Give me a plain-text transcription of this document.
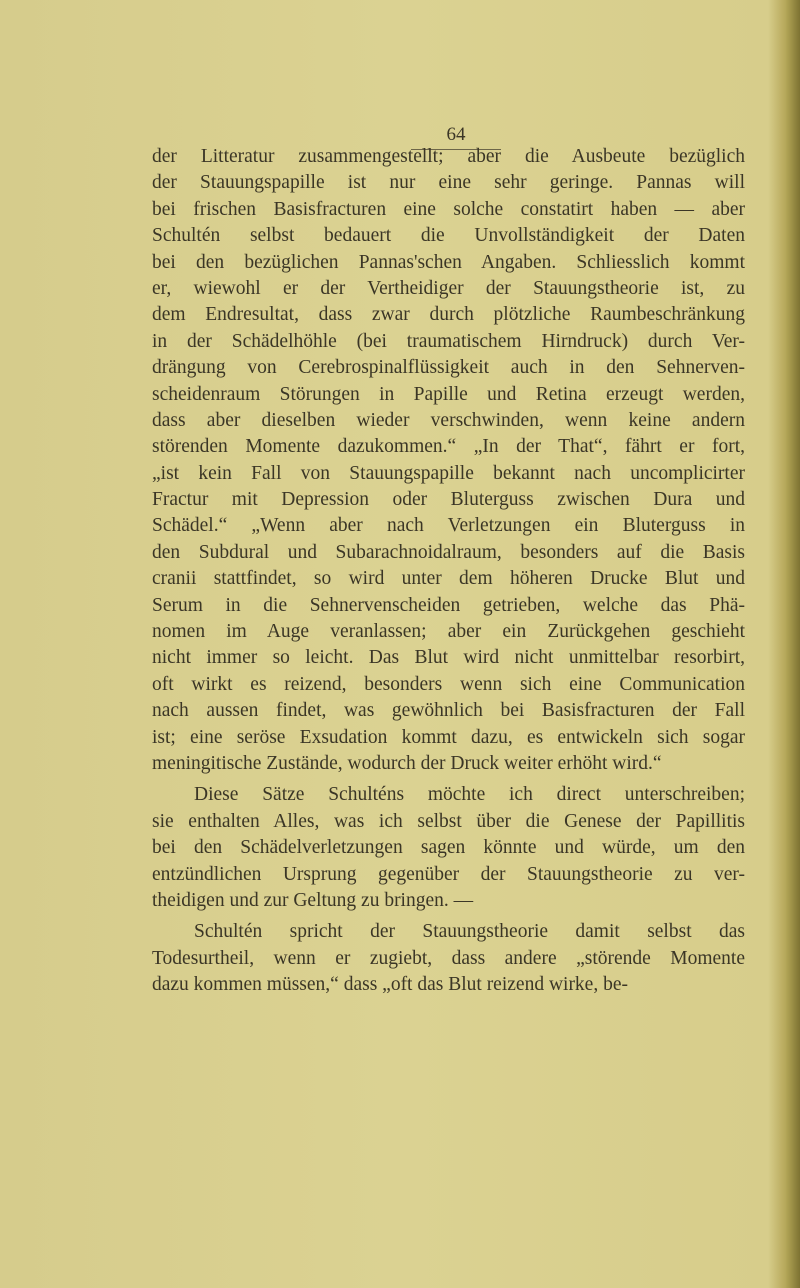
64
der Litteratur zusammengestellt; aber die Ausbeute bezüglich
der Stauungspapille ist nur eine sehr geringe. Pannas will
bei frischen Basisfracturen eine solche constatirt haben — aber
Schultén selbst bedauert die Unvollständigkeit der Daten
bei den bezüglichen Pannas'schen Angaben. Schliesslich kommt
er, wiewohl er der Vertheidiger der Stauungstheorie ist, zu
dem Endresultat, dass zwar durch plötzliche Raumbeschränkung
in der Schädelhöhle (bei traumatischem Hirndruck) durch Ver-
drängung von Cerebrospinalflüssigkeit auch in den Sehnerven-
scheidenraum Störungen in Papille und Retina erzeugt werden,
dass aber dieselben wieder verschwinden, wenn keine andern
störenden Momente dazukommen.“ „In der That“, fährt er fort,
„ist kein Fall von Stauungspapille bekannt nach uncomplicirter
Fractur mit Depression oder Bluterguss zwischen Dura und
Schädel.“ „Wenn aber nach Verletzungen ein Bluterguss in
den Subdural und Subarachnoidalraum, besonders auf die Basis
cranii stattfindet, so wird unter dem höheren Drucke Blut und
Serum in die Sehnervenscheiden getrieben, welche das Phä-
nomen im Auge veranlassen; aber ein Zurückgehen geschieht
nicht immer so leicht. Das Blut wird nicht unmittelbar resorbirt,
oft wirkt es reizend, besonders wenn sich eine Communication
nach aussen findet, was gewöhnlich bei Basisfracturen der Fall
ist; eine seröse Exsudation kommt dazu, es entwickeln sich sogar
meningitische Zustände, wodurch der Druck weiter erhöht wird.“
Diese Sätze Schulténs möchte ich direct unterschreiben;
sie enthalten Alles, was ich selbst über die Genese der Papillitis
bei den Schädelverletzungen sagen könnte und würde, um den
entzündlichen Ursprung gegenüber der Stauungstheorie zu ver-
theidigen und zur Geltung zu bringen. —
Schultén spricht der Stauungstheorie damit selbst das
Todesurtheil, wenn er zugiebt, dass andere „störende Momente
dazu kommen müssen,“ dass „oft das Blut reizend wirke, be-
